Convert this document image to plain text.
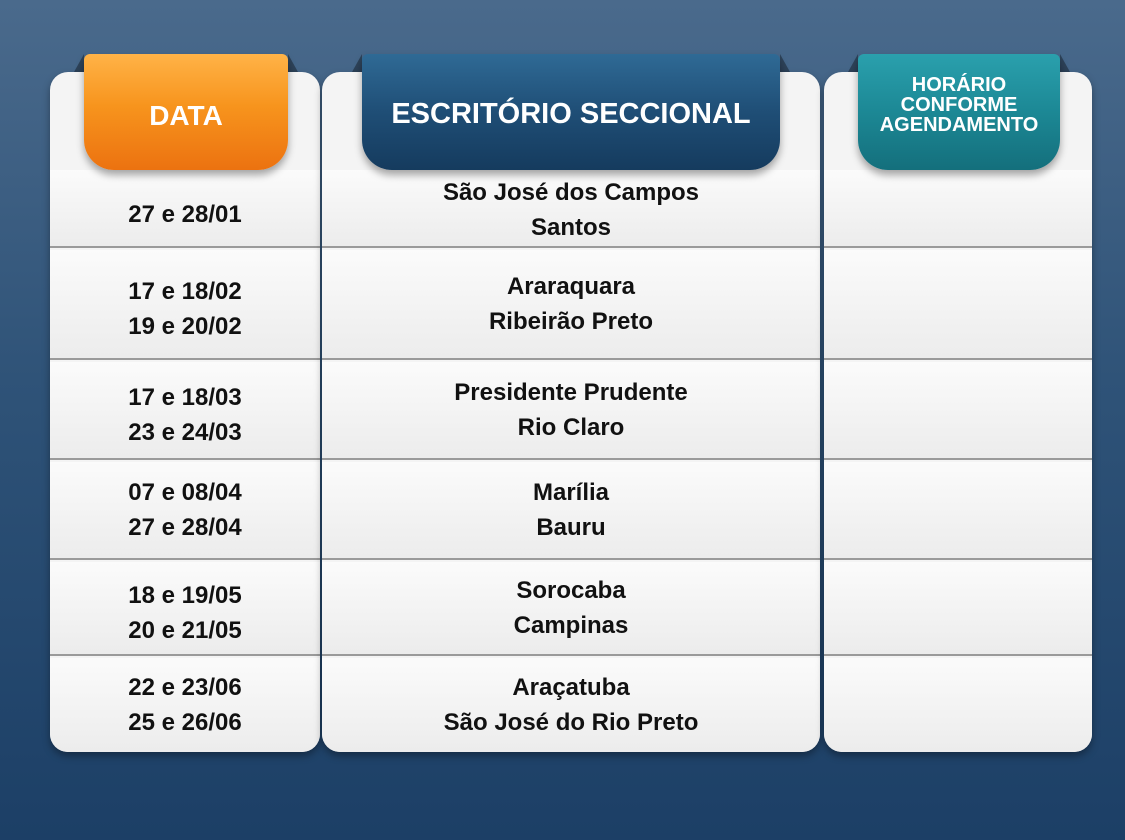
27 e 28/01
17 e 18/02
19 e 20/02
17 e 18/03
23 e 24/03
07 e 08/04
27 e 28/04
18 e 19/05
20 e 21/05
22 e 23/06
25 e 26/06
São José dos Campos
Santos
Araraquara
Ribeirão Preto
Presidente Prudente
Rio Claro
Marília
Bauru
Sorocaba
Campinas
Araçatuba
São José do Rio Preto
DATA	ESCRITÓRIO SECCIONAL
HORÁRIO CONFORME AGENDAMENTO
